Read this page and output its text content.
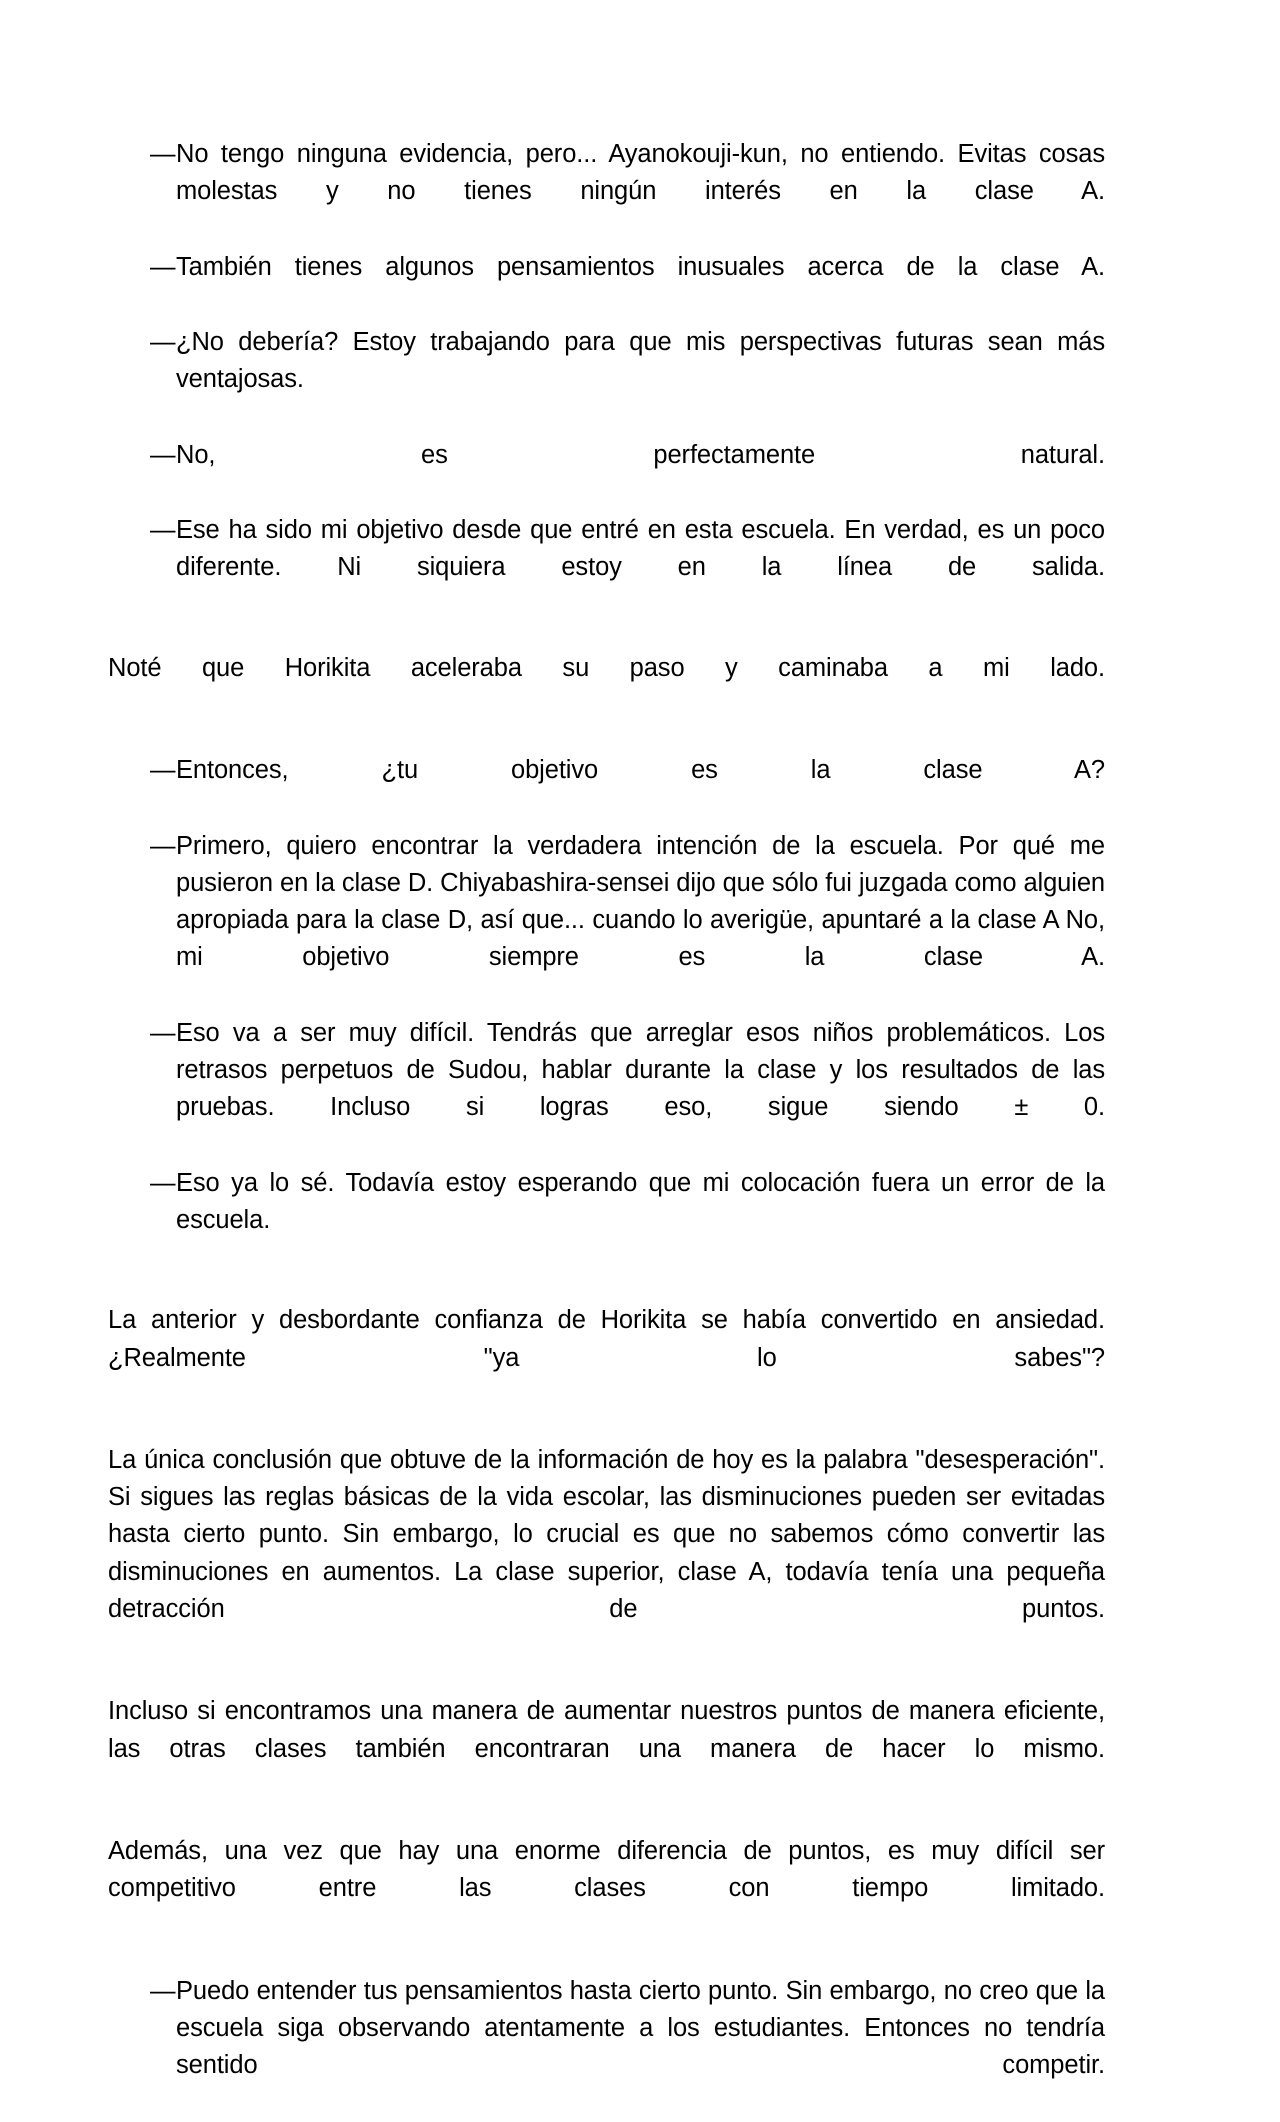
— No tengo ninguna evidencia, pero... Ayanokouji-kun, no entiendo. Evitas cosas molestas y no tienes ningún interés en la clase A.
— También tienes algunos pensamientos inusuales acerca de la clase A.
— ¿No debería? Estoy trabajando para que mis perspectivas futuras sean más ventajosas.
— No, es perfectamente natural.
— Ese ha sido mi objetivo desde que entré en esta escuela. En verdad, es un poco diferente. Ni siquiera estoy en la línea de salida.

Noté que Horikita aceleraba su paso y caminaba a mi lado.

— Entonces, ¿tu objetivo es la clase A?
— Primero, quiero encontrar la verdadera intención de la escuela. Por qué me pusieron en la clase D. Chiyabashira-sensei dijo que sólo fui juzgada como alguien apropiada para la clase D, así que... cuando lo averigüe, apuntaré a la clase A No, mi objetivo siempre es la clase A.
— Eso va a ser muy difícil. Tendrás que arreglar esos niños problemáticos. Los retrasos perpetuos de Sudou, hablar durante la clase y los resultados de las pruebas. Incluso si logras eso, sigue siendo ± 0.
— Eso ya lo sé. Todavía estoy esperando que mi colocación fuera un error de la escuela.

La anterior y desbordante confianza de Horikita se había convertido en ansiedad. ¿Realmente "ya lo sabes"?

La única conclusión que obtuve de la información de hoy es la palabra "desesperación". Si sigues las reglas básicas de la vida escolar, las disminuciones pueden ser evitadas hasta cierto punto. Sin embargo, lo crucial es que no sabemos cómo convertir las disminuciones en aumentos. La clase superior, clase A, todavía tenía una pequeña detracción de puntos.

Incluso si encontramos una manera de aumentar nuestros puntos de manera eficiente, las otras clases también encontraran una manera de hacer lo mismo.

Además, una vez que hay una enorme diferencia de puntos, es muy difícil ser competitivo entre las clases con tiempo limitado.

— Puedo entender tus pensamientos hasta cierto punto. Sin embargo, no creo que la escuela siga observando atentamente a los estudiantes. Entonces no tendría sentido competir.
